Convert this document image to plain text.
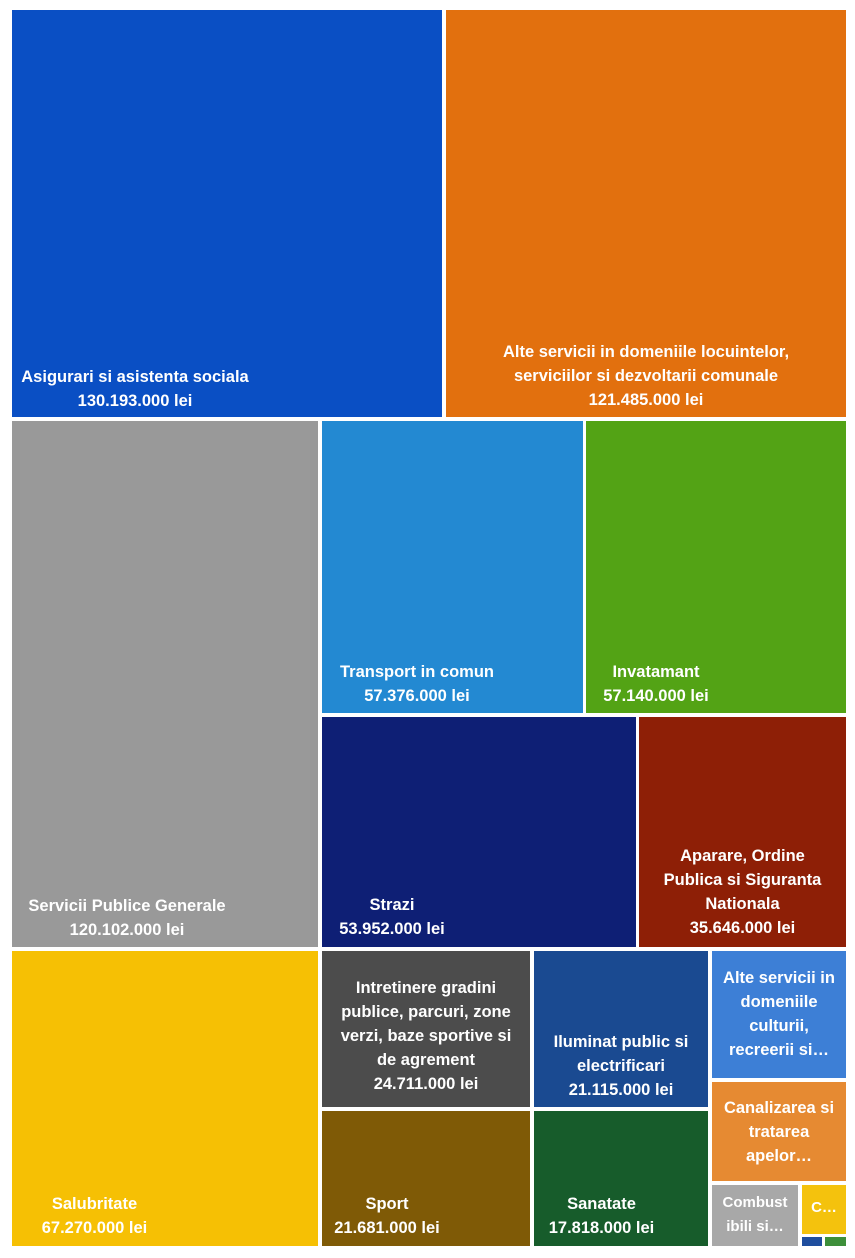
Asigurari si asistenta sociala
130.193.000 lei
Alte servicii in domeniile locuintelor,
serviciilor si dezvoltarii comunale
121.485.000 lei
Servicii Publice Generale
120.102.000 lei
Transport in comun
57.376.000 lei
Invatamant
57.140.000 lei
Strazi
53.952.000 lei
Aparare, Ordine
Publica si Siguranta
Nationala
35.646.000 lei
Salubritate
67.270.000 lei
Intretinere gradini
publice, parcuri, zone
verzi, baze sportive si
de agrement
24.711.000 lei
Iluminat public si
electrificari
21.115.000 lei
Alte servicii in
domeniile
culturii,
recreerii si…
Canalizarea si
tratarea
apelor…
Sport
21.681.000 lei
Sanatate
17.818.000 lei
Combust
ibili si…
C…
